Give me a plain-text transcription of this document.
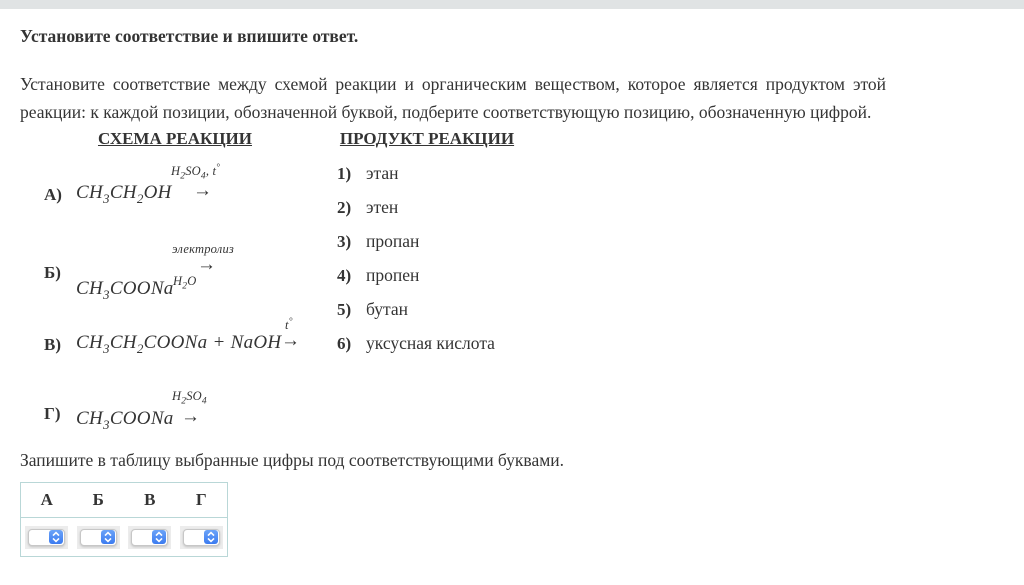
Установите соответствие и впишите ответ.
Установите соответствие между схемой реакции и органическим веществом, которое является продуктом этой реакции: к каждой позиции, обозначенной буквой, подберите соответствующую позицию, обозначенную цифрой.
СХЕМА РЕАКЦИИ	ПРОДУКТ РЕАКЦИИ
$H_2SO_4$, t°
А) $CH_3CH_2OH$ →
электролиз
→
$H_2O$
Б)
$CH_3COONa$
t°
В) $CH_3CH_2COONa$ + NaOH →
$H_2SO_4$
Г) $CH_3COONa$ →
1) этан
2) этен
3) пропан
4) пропен
5) бутан
6) уксусная кислота
Запишите в таблицу выбранные цифры под соответствующими буквами.
А	Б	В	Г
